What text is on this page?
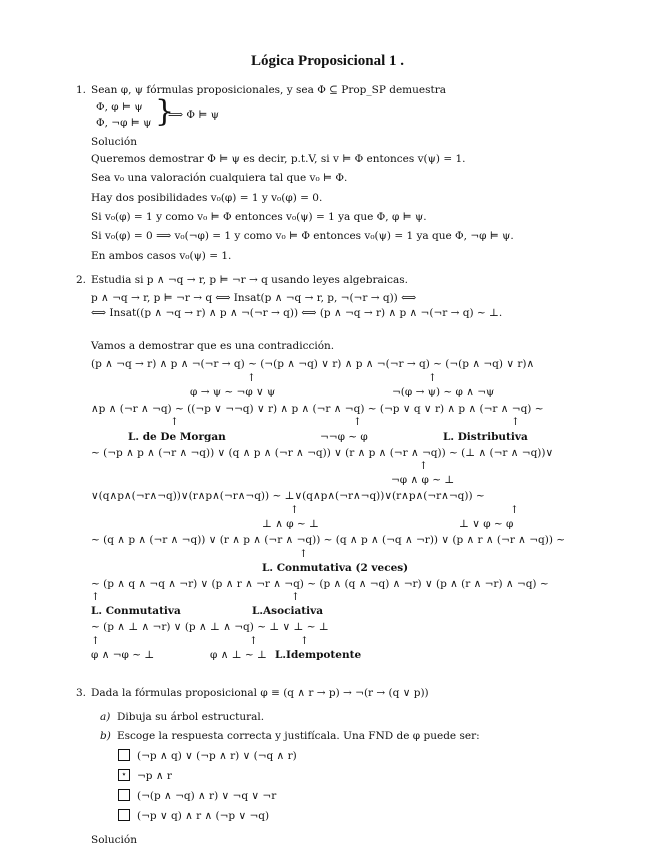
Lógica Proposicional 1 .
1. Sean φ, ψ fórmulas proposicionales, y sea Φ ⊆ Prop_SP demuestra
Φ, φ ⊨ ψ
Φ, ¬φ ⊨ ψ }
⟹ Φ ⊨ ψ
Solución
Queremos demostrar Φ ⊨ ψ es decir, p.t.V, si v ⊨ Φ entonces v(ψ) = 1.
Sea v₀ una valoración cualquiera tal que v₀ ⊨ Φ.
Hay dos posibilidades v₀(φ) = 1 y v₀(φ) = 0.
Si v₀(φ) = 1 y como v₀ ⊨ Φ entonces v₀(ψ) = 1 ya que Φ, φ ⊨ ψ.
Si v₀(φ) = 0 ⟹ v₀(¬φ) = 1 y como v₀ ⊨ Φ entonces v₀(ψ) = 1 ya que Φ, ¬φ ⊨ ψ.
En ambos casos v₀(ψ) = 1.
2. Estudia si p ∧ ¬q → r, p ⊨ ¬r → q usando leyes algebraicas.
p ∧ ¬q → r, p ⊨ ¬r → q ⟺ Insat(p ∧ ¬q → r, p, ¬(¬r → q)) ⟺
⟺ Insat((p ∧ ¬q → r) ∧ p ∧ ¬(¬r → q)) ⟺ (p ∧ ¬q → r) ∧ p ∧ ¬(¬r → q) ∼ ⊥.
Vamos a demostrar que es una contradicción.
(p ∧ ¬q → r) ∧ p ∧ ¬(¬r → q) ∼ (¬(p ∧ ¬q) ∨ r) ∧ p ∧ ¬(¬r → q) ∼ (¬(p ∧ ¬q) ∨ r)∧
↑	↑
φ → ψ ∼ ¬φ ∨ ψ	¬(φ → ψ) ∼ φ ∧ ¬ψ
∧p ∧ (¬r ∧ ¬q) ∼ ((¬p ∨ ¬¬q) ∨ r) ∧ p ∧ (¬r ∧ ¬q) ∼ (¬p ∨ q ∨ r) ∧ p ∧ (¬r ∧ ¬q) ∼
↑	↑	↑
L. de De Morgan	¬¬φ ∼ φ	L. Distributiva
∼ (¬p ∧ p ∧ (¬r ∧ ¬q)) ∨ (q ∧ p ∧ (¬r ∧ ¬q)) ∨ (r ∧ p ∧ (¬r ∧ ¬q)) ∼ (⊥ ∧ (¬r ∧ ¬q))∨
↑
¬φ ∧ φ ∼ ⊥
∨(q∧p∧(¬r∧¬q))∨(r∧p∧(¬r∧¬q)) ∼ ⊥∨(q∧p∧(¬r∧¬q))∨(r∧p∧(¬r∧¬q)) ∼
↑	↑
⊥ ∧ φ ∼ ⊥	⊥ ∨ φ ∼ φ
∼ (q ∧ p ∧ (¬r ∧ ¬q)) ∨ (r ∧ p ∧ (¬r ∧ ¬q)) ∼ (q ∧ p ∧ (¬q ∧ ¬r)) ∨ (p ∧ r ∧ (¬r ∧ ¬q)) ∼
↑
L. Conmutativa (2 veces)
∼ (p ∧ q ∧ ¬q ∧ ¬r) ∨ (p ∧ r ∧ ¬r ∧ ¬q) ∼ (p ∧ (q ∧ ¬q) ∧ ¬r) ∨ (p ∧ (r ∧ ¬r) ∧ ¬q) ∼
↑	↑
L. Conmutativa	L.Asociativa
∼ (p ∧ ⊥ ∧ ¬r) ∨ (p ∧ ⊥ ∧ ¬q) ∼ ⊥ ∨ ⊥ ∼ ⊥
↑	↑	↑
φ ∧ ¬φ ∼ ⊥	φ ∧ ⊥ ∼ ⊥ L.Idempotente
3. Dada la fórmulas proposicional φ ≡ (q ∧ r → p) → ¬(r → (q ∨ p))
a) Dibuja su árbol estructural.
b) Escoge la respuesta correcta y justifícala. Una FND de φ puede ser:
(¬p ∧ q) ∨ (¬p ∧ r) ∨ (¬q ∧ r)
⋆ ¬p ∧ r
(¬(p ∧ ¬q) ∧ r) ∨ ¬q ∨ ¬r
(¬p ∨ q) ∧ r ∧ (¬p ∨ ¬q)
Solución
